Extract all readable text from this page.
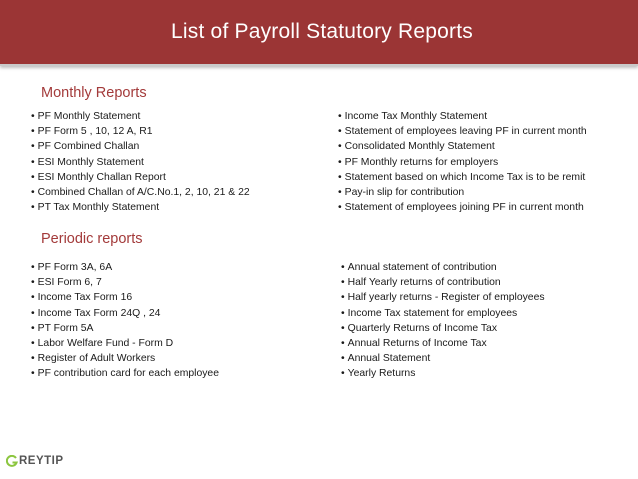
List of Payroll Statutory Reports
Monthly Reports
• PF Monthly Statement
• PF Form 5 , 10, 12 A, R1
• PF Combined Challan
• ESI Monthly Statement
• ESI Monthly Challan Report
• Combined Challan of A/C.No.1, 2, 10, 21 & 22
• PT Tax Monthly Statement
• Income Tax Monthly Statement
• Statement of employees leaving PF in current month
• Consolidated Monthly Statement
• PF Monthly returns for employers
• Statement based on which Income Tax is to be remit
• Pay-in slip for contribution
• Statement of employees joining PF in current month
Periodic reports
• PF Form 3A, 6A
• ESI Form 6, 7
• Income Tax Form 16
• Income Tax Form 24Q , 24
• PT Form 5A
• Labor Welfare Fund - Form D
• Register of Adult Workers
• PF contribution card for each employee
• Annual statement of contribution
• Half Yearly returns of contribution
• Half yearly returns - Register of employees
• Income Tax statement for employees
• Quarterly Returns of Income Tax
• Annual Returns of Income Tax
• Annual Statement
• Yearly Returns
REYTIP
